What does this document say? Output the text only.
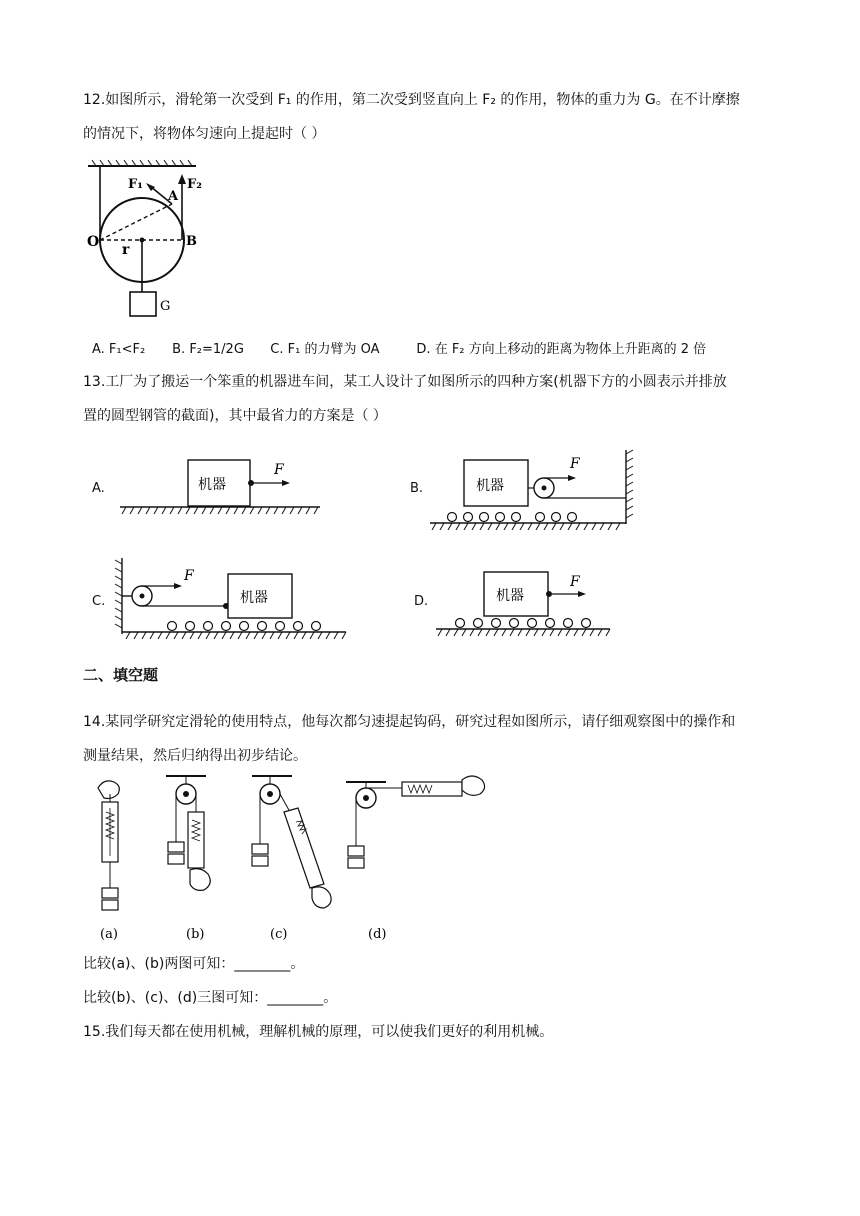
12.如图所示，滑轮第一次受到 F₁ 的作用，第二次受到竖直向上 F₂ 的作用，物体的重力为 G。在不计摩擦
的情况下，将物体匀速向上提起时（ ）
F₁	F₂
A
O	B
r
G
A. F₁<F₂ B. F₂=1/2G C. F₁ 的力臂为 OA	D. 在 F₂ 方向上移动的距离为物体上升距离的 2 倍
13.工厂为了搬运一个笨重的机器进车间，某工人设计了如图所示的四种方案(机器下方的小圆表示并排放
置的圆型钢管的截面)，其中最省力的方案是（ ）
A.	B.
C.	D.
机器
F
机器
F
F
机器	机器
F
二、填空题
14.某同学研究定滑轮的使用特点，他每次都匀速提起钩码，研究过程如图所示，请仔细观察图中的操作和
测量结果，然后归纳得出初步结论。
(a)	(b)	(c)	(d)
比较(a)、(b)两图可知：________。
比较(b)、(c)、(d)三图可知：________。
15.我们每天都在使用机械，理解机械的原理，可以使我们更好的利用机械。
